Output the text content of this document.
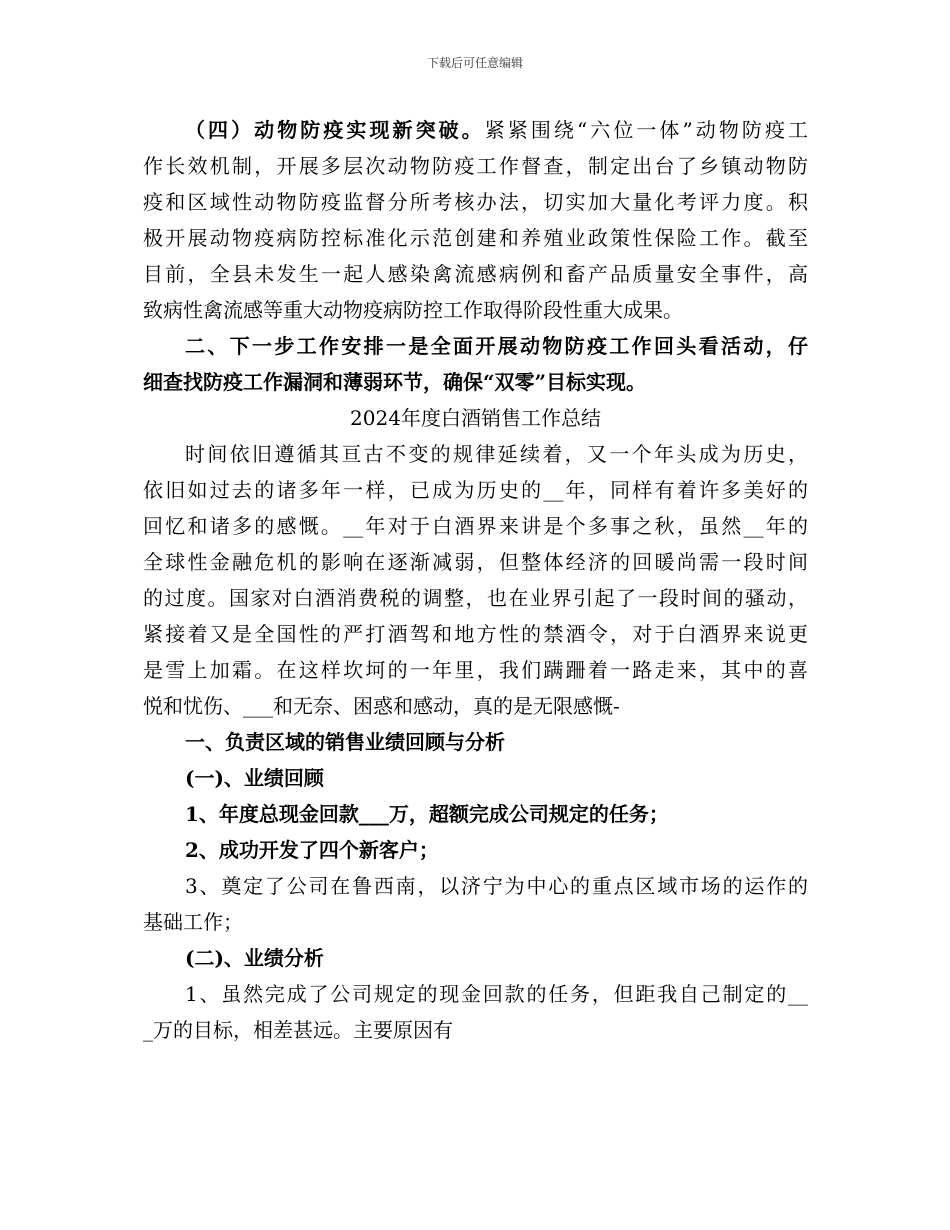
下载后可任意编辑
（四）动物防疫实现新突破。紧紧围绕“六位一体”动物防疫工
作长效机制，开展多层次动物防疫工作督查，制定出台了乡镇动物防
疫和区域性动物防疫监督分所考核办法，切实加大量化考评力度。积
极开展动物疫病防控标准化示范创建和养殖业政策性保险工作。截至
目前，全县未发生一起人感染禽流感病例和畜产品质量安全事件，高
致病性禽流感等重大动物疫病防控工作取得阶段性重大成果。
二、下一步工作安排一是全面开展动物防疫工作回头看活动，仔
细查找防疫工作漏洞和薄弱环节，确保“双零”目标实现。
2024年度白酒销售工作总结
时间依旧遵循其亘古不变的规律延续着，又一个年头成为历史，
依旧如过去的诸多年一样，已成为历史的__年，同样有着许多美好的
回忆和诸多的感慨。__年对于白酒界来讲是个多事之秋，虽然__年的
全球性金融危机的影响在逐渐减弱，但整体经济的回暖尚需一段时间
的过度。国家对白酒消费税的调整，也在业界引起了一段时间的骚动，
紧接着又是全国性的严打酒驾和地方性的禁酒令，对于白酒界来说更
是雪上加霜。在这样坎坷的一年里，我们蹒跚着一路走来，其中的喜
悦和忧伤、___和无奈、困惑和感动，真的是无限感慨-
一、负责区域的销售业绩回顾与分析
(一)、业绩回顾
1、年度总现金回款___万，超额完成公司规定的任务；
2、成功开发了四个新客户；
3、奠定了公司在鲁西南，以济宁为中心的重点区域市场的运作的
基础工作；
(二)、业绩分析
1、虽然完成了公司规定的现金回款的任务，但距我自己制定的__
_万的目标，相差甚远。主要原因有
